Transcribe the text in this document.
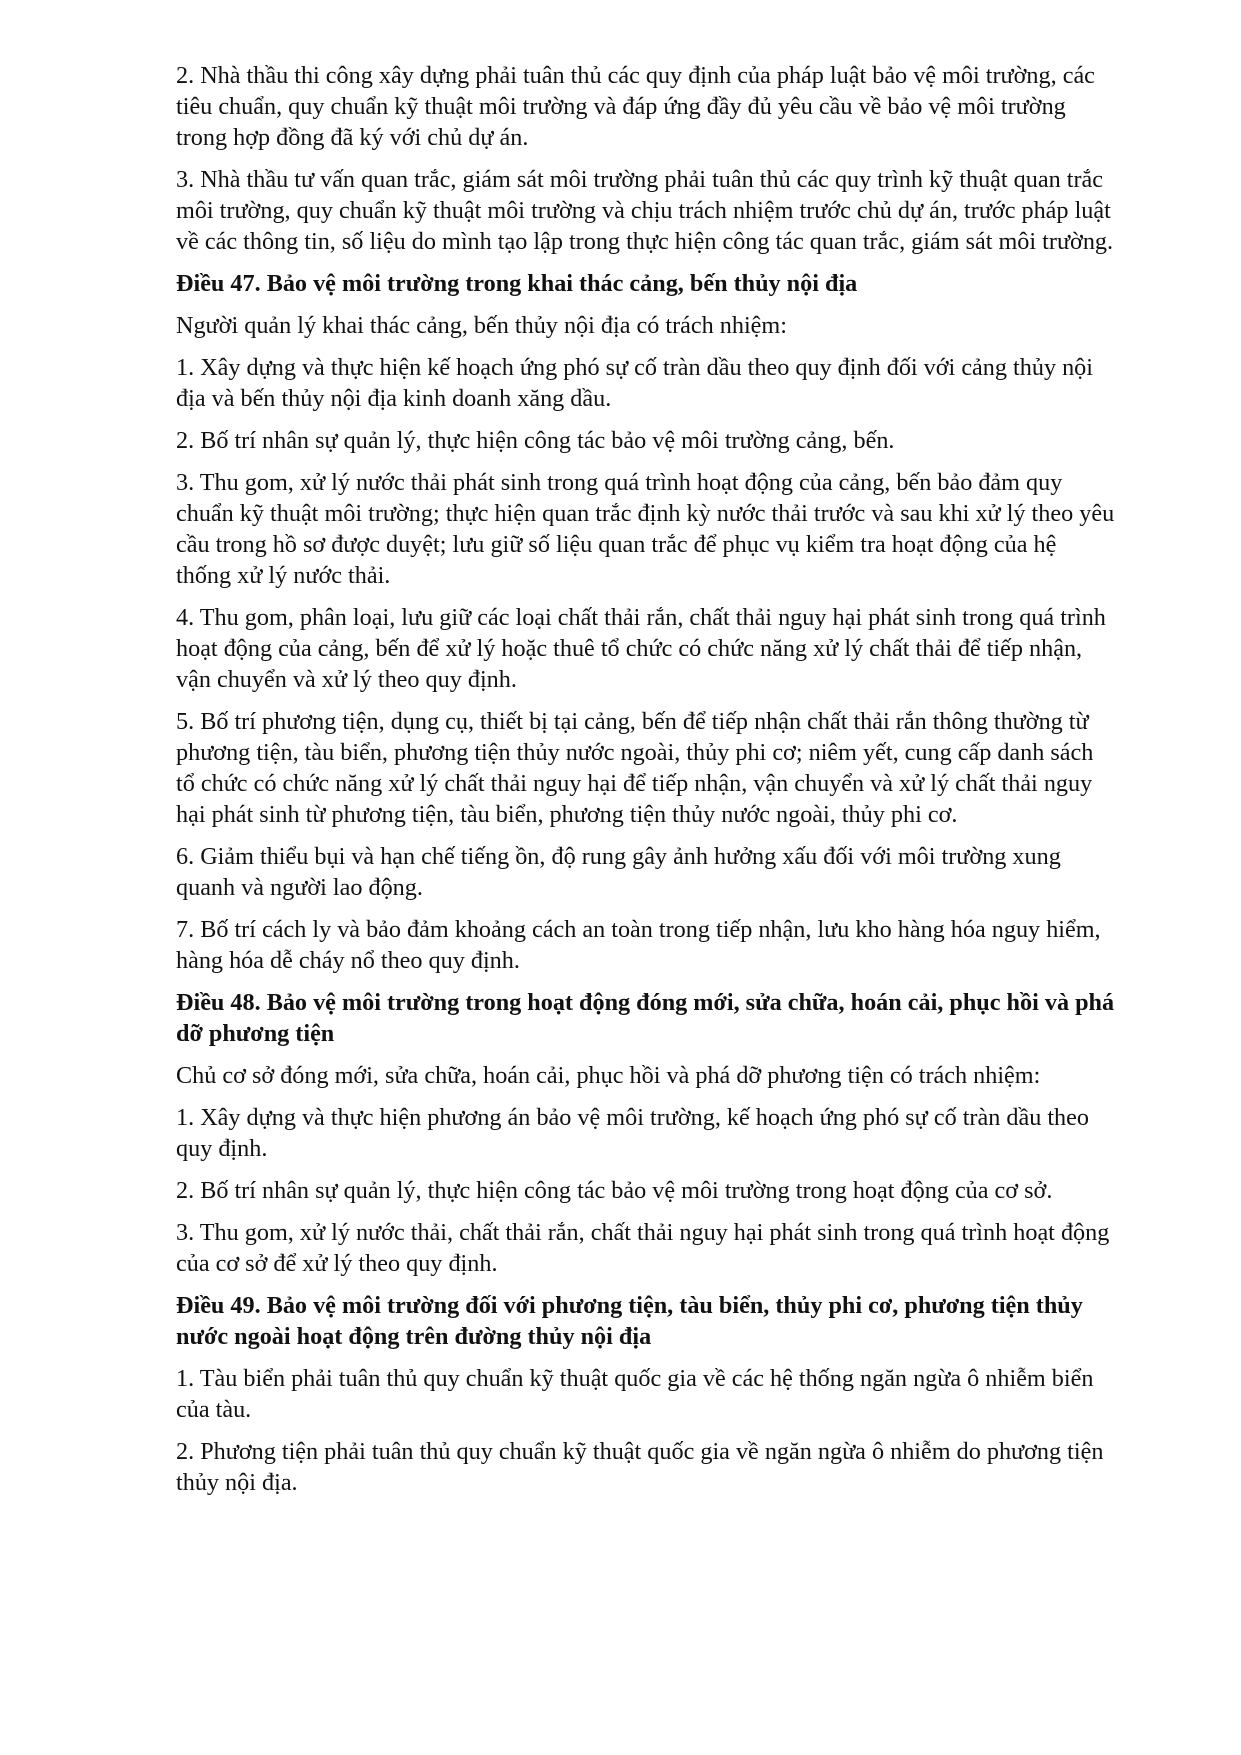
2. Nhà thầu thi công xây dựng phải tuân thủ các quy định của pháp luật bảo vệ môi trường, các tiêu chuẩn, quy chuẩn kỹ thuật môi trường và đáp ứng đầy đủ yêu cầu về bảo vệ môi trường trong hợp đồng đã ký với chủ dự án.

3. Nhà thầu tư vấn quan trắc, giám sát môi trường phải tuân thủ các quy trình kỹ thuật quan trắc môi trường, quy chuẩn kỹ thuật môi trường và chịu trách nhiệm trước chủ dự án, trước pháp luật về các thông tin, số liệu do mình tạo lập trong thực hiện công tác quan trắc, giám sát môi trường.

Điều 47. Bảo vệ môi trường trong khai thác cảng, bến thủy nội địa

Người quản lý khai thác cảng, bến thủy nội địa có trách nhiệm:

1. Xây dựng và thực hiện kế hoạch ứng phó sự cố tràn dầu theo quy định đối với cảng thủy nội địa và bến thủy nội địa kinh doanh xăng dầu.

2. Bố trí nhân sự quản lý, thực hiện công tác bảo vệ môi trường cảng, bến.

3. Thu gom, xử lý nước thải phát sinh trong quá trình hoạt động của cảng, bến bảo đảm quy chuẩn kỹ thuật môi trường; thực hiện quan trắc định kỳ nước thải trước và sau khi xử lý theo yêu cầu trong hồ sơ được duyệt; lưu giữ số liệu quan trắc để phục vụ kiểm tra hoạt động của hệ thống xử lý nước thải.

4. Thu gom, phân loại, lưu giữ các loại chất thải rắn, chất thải nguy hại phát sinh trong quá trình hoạt động của cảng, bến để xử lý hoặc thuê tổ chức có chức năng xử lý chất thải để tiếp nhận, vận chuyển và xử lý theo quy định.

5. Bố trí phương tiện, dụng cụ, thiết bị tại cảng, bến để tiếp nhận chất thải rắn thông thường từ phương tiện, tàu biển, phương tiện thủy nước ngoài, thủy phi cơ; niêm yết, cung cấp danh sách tổ chức có chức năng xử lý chất thải nguy hại để tiếp nhận, vận chuyển và xử lý chất thải nguy hại phát sinh từ phương tiện, tàu biển, phương tiện thủy nước ngoài, thủy phi cơ.

6. Giảm thiểu bụi và hạn chế tiếng ồn, độ rung gây ảnh hưởng xấu đối với môi trường xung quanh và người lao động.

7. Bố trí cách ly và bảo đảm khoảng cách an toàn trong tiếp nhận, lưu kho hàng hóa nguy hiểm, hàng hóa dễ cháy nổ theo quy định.

Điều 48. Bảo vệ môi trường trong hoạt động đóng mới, sửa chữa, hoán cải, phục hồi và phá dỡ phương tiện

Chủ cơ sở đóng mới, sửa chữa, hoán cải, phục hồi và phá dỡ phương tiện có trách nhiệm:

1. Xây dựng và thực hiện phương án bảo vệ môi trường, kế hoạch ứng phó sự cố tràn dầu theo quy định.

2. Bố trí nhân sự quản lý, thực hiện công tác bảo vệ môi trường trong hoạt động của cơ sở.

3. Thu gom, xử lý nước thải, chất thải rắn, chất thải nguy hại phát sinh trong quá trình hoạt động của cơ sở để xử lý theo quy định.

Điều 49. Bảo vệ môi trường đối với phương tiện, tàu biển, thủy phi cơ, phương tiện thủy nước ngoài hoạt động trên đường thủy nội địa

1. Tàu biển phải tuân thủ quy chuẩn kỹ thuật quốc gia về các hệ thống ngăn ngừa ô nhiễm biển của tàu.

2. Phương tiện phải tuân thủ quy chuẩn kỹ thuật quốc gia về ngăn ngừa ô nhiễm do phương tiện thủy nội địa.
